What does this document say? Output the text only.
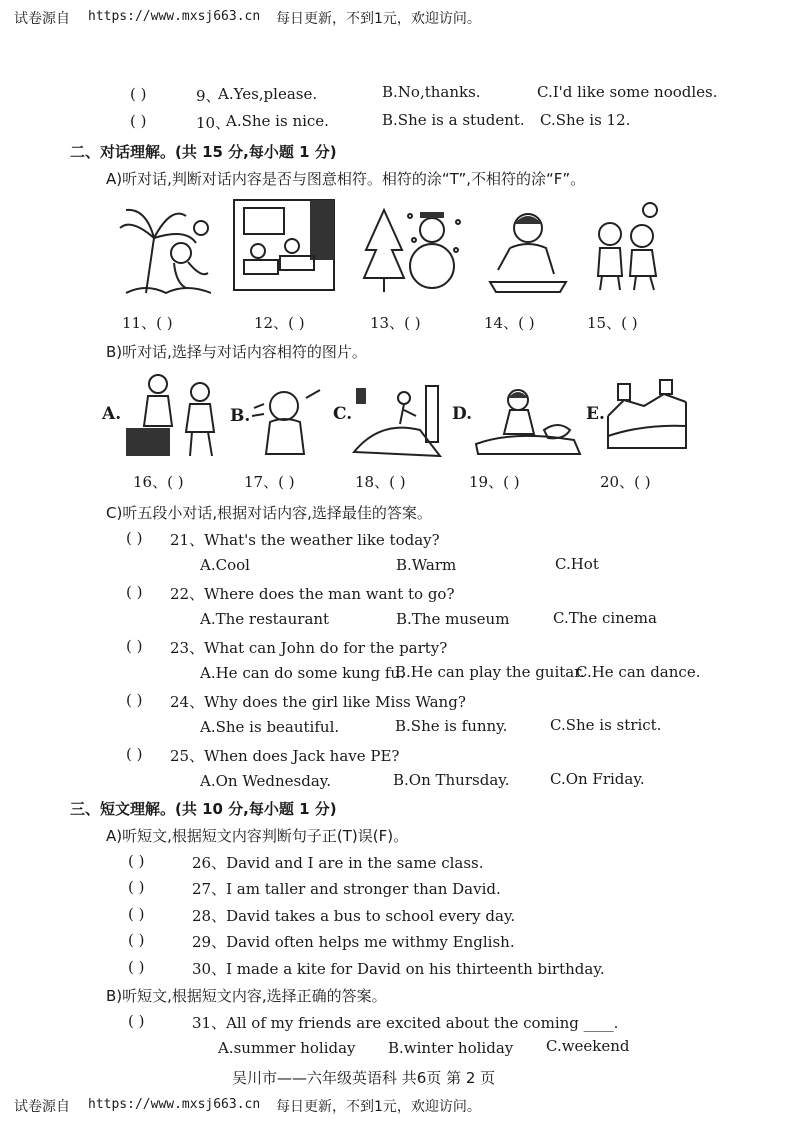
试卷源自 https://www.mxsj663.cn 每日更新，不到1元，欢迎访问。
( )	9、
A.Yes,please.	B.No,thanks.	C.I'd like some noodles.
( )	10、
A.She is nice.	B.She is a student. C.She is 12.
二、对话理解。(共 15 分,每小题 1 分)
A)听对话,判断对话内容是否与图意相符。相符的涂“T”,不相符的涂“F”。
11、( )	12、( )	13、( )	14、( )	15、( )
B)听对话,选择与对话内容相符的图片。
A.	B.	C.	D.	E.
16、( )	17、( )	18、( )	19、( )	20、( )
C)听五段小对话,根据对话内容,选择最佳的答案。
( ) 21、What's the weather like today?
A.Cool	B.Warm	C.Hot
( ) 22、Where does the man want to go?
A.The restaurant	B.The museum	C.The cinema
( ) 23、What can John do for the party?
A.He can do some kung fu.
B.He can play the guitar.
C.He can dance.
( ) 24、Why does the girl like Miss Wang?
A.She is beautiful.	B.She is funny.	C.She is strict.
( ) 25、When does Jack have PE?
A.On Wednesday.	B.On Thursday.	C.On Friday.
三、短文理解。(共 10 分,每小题 1 分)
A)听短文,根据短文内容判断句子正(T)误(F)。
( )	26、David and I are in the same class.
( )	27、I am taller and stronger than David.
( )	28、David takes a bus to school every day.
( )	29、David often helps me withmy English.
( )	30、I made a kite for David on his thirteenth birthday.
B)听短文,根据短文内容,选择正确的答案。
( )	31、All of my friends are excited about the coming ____.
A.summer holiday B.winter holiday C.weekend
吴川市——六年级英语科 共6页 第 2 页
试卷源自 https://www.mxsj663.cn 每日更新，不到1元，欢迎访问。
